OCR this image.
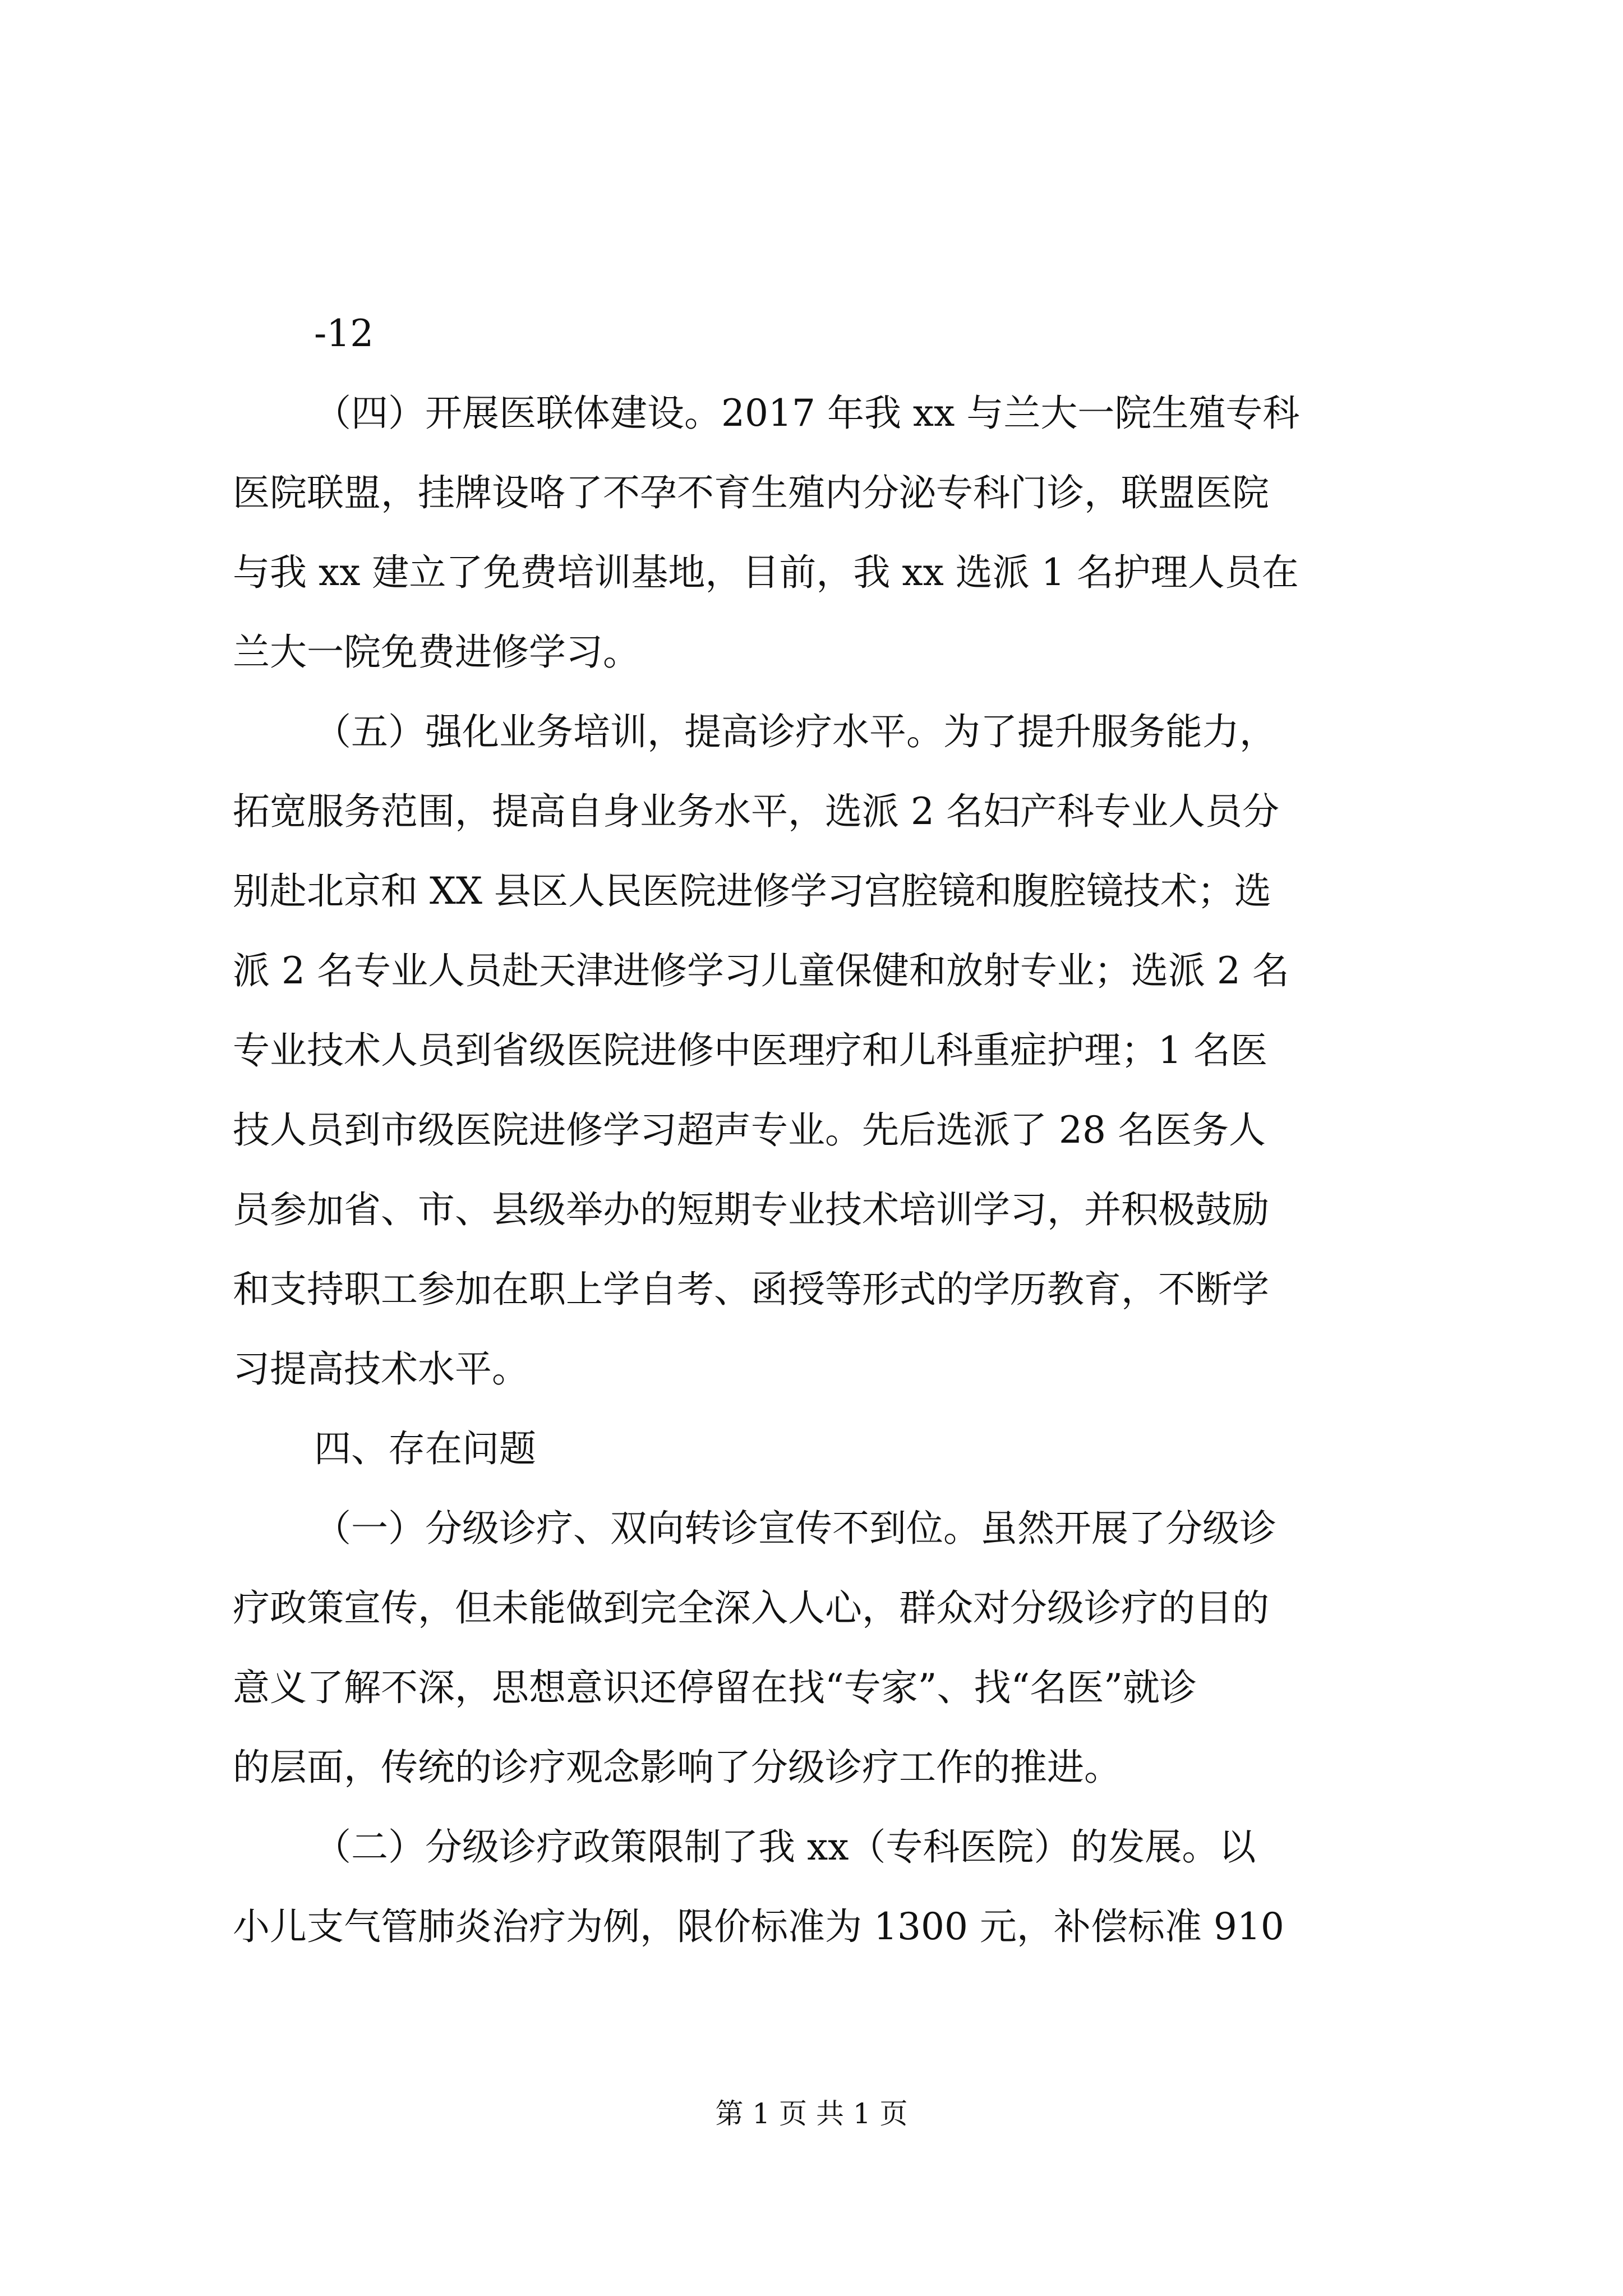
-12
（四）开展医联体建设。2017 年我 xx 与兰大一院生殖专科
医院联盟，挂牌设咯了不孕不育生殖内分泌专科门诊，联盟医院
与我 xx 建立了免费培训基地，目前，我 xx 选派 1 名护理人员在
兰大一院免费进修学习。
（五）强化业务培训，提高诊疗水平。为了提升服务能力，
拓宽服务范围，提高自身业务水平，选派 2 名妇产科专业人员分
别赴北京和 XX 县区人民医院进修学习宫腔镜和腹腔镜技术；选
派 2 名专业人员赴天津进修学习儿童保健和放射专业；选派 2 名
专业技术人员到省级医院进修中医理疗和儿科重症护理；1 名医
技人员到市级医院进修学习超声专业。先后选派了 28 名医务人
员参加省、市、县级举办的短期专业技术培训学习，并积极鼓励
和支持职工参加在职上学自考、函授等形式的学历教育，不断学
习提高技术水平。
四、存在问题
（一）分级诊疗、双向转诊宣传不到位。虽然开展了分级诊
疗政策宣传，但未能做到完全深入人心，群众对分级诊疗的目的
意义了解不深，思想意识还停留在找“专家”、找“名医”就诊
的层面，传统的诊疗观念影响了分级诊疗工作的推进。
（二）分级诊疗政策限制了我 xx（专科医院）的发展。以
小儿支气管肺炎治疗为例，限价标准为 1300 元，补偿标准 910
第 1 页 共 1 页
